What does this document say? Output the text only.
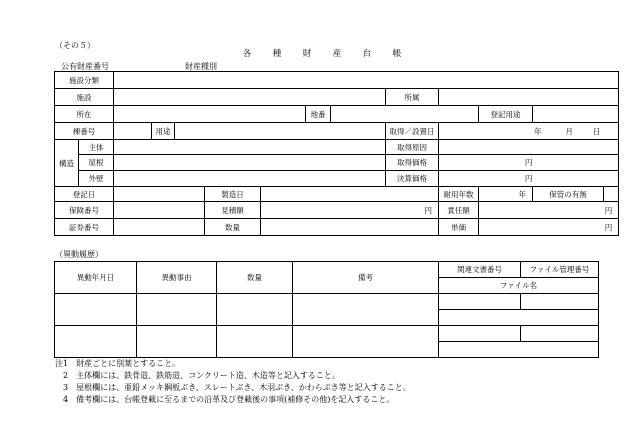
（その５）
各	種	財	産	台	帳
公有財産番号	財産種別
施設分類													
施設									所属				
所在							地番				登記用途		
棟番号			用途						取得／設置日	年 月 日			
構造	主体								取得原因				
	屋根								取得価格	円			
	外壁								決算価格	円			
登記日					製造日					耐用年数	年	保管の有無	
保険番号					見積額	円				責任額	円		
証券番号					数量					単価	円		
（異動履歴）
異動年月日	異動事由	数量	備考	関連文書番号	ファイル管理番号
				ファイル名	

注1　財産ごとに別葉とすること。
　2　主体欄には、鉄骨造、鉄筋造、コンクリート造、木造等と記入すること。
　3　屋根欄には、亜鉛メッキ鋼板ぶき、スレートぶき、木羽ぶき、かわらぶき等と記入すること。
　4　備考欄には、台帳登載に至るまでの沿革及び登載後の事項(補修その他)を記入すること。
